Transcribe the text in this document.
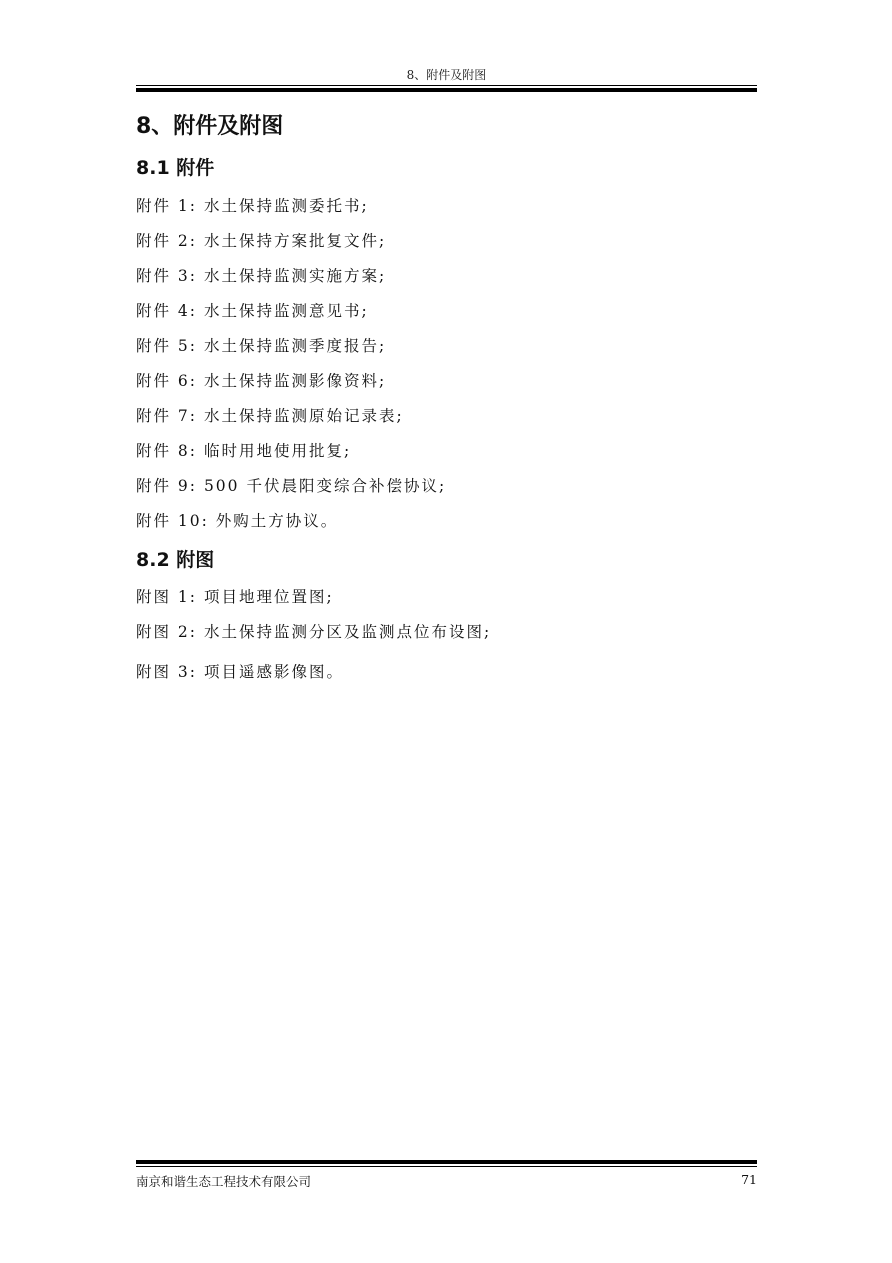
8、附件及附图
8、附件及附图
8.1 附件
附件 1: 水土保持监测委托书;
附件 2: 水土保持方案批复文件;
附件 3: 水土保持监测实施方案;
附件 4: 水土保持监测意见书;
附件 5: 水土保持监测季度报告;
附件 6: 水土保持监测影像资料;
附件 7: 水土保持监测原始记录表;
附件 8: 临时用地使用批复;
附件 9: 500 千伏晨阳变综合补偿协议;
附件 10: 外购土方协议。
8.2 附图
附图 1: 项目地理位置图;
附图 2: 水土保持监测分区及监测点位布设图;
附图 3: 项目遥感影像图。
南京和谐生态工程技术有限公司	71
